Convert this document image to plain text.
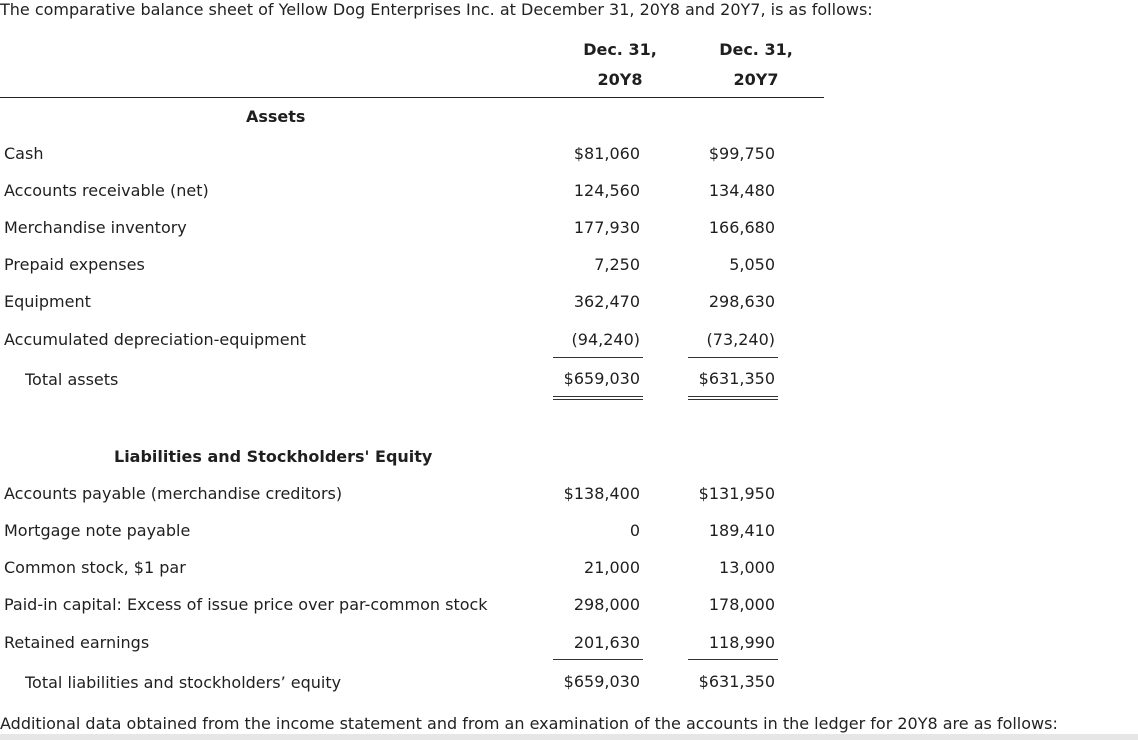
The comparative balance sheet of Yellow Dog Enterprises Inc. at December 31, 20Y8 and 20Y7, is as follows:
Dec. 31,
20Y8
Dec. 31,
20Y7
Assets
Cash	$81,060	$99,750
Accounts receivable (net)	124,560	134,480
Merchandise inventory	177,930	166,680
Prepaid expenses	7,250	5,050
Equipment	362,470	298,630
Accumulated depreciation-equipment	(94,240)	(73,240)
Total assets	$659,030	$631,350
Liabilities and Stockholders' Equity
Accounts payable (merchandise creditors)	$138,400	$131,950
Mortgage note payable	0	189,410
Common stock, $1 par	21,000	13,000
Paid-in capital: Excess of issue price over par-common stock	298,000	178,000
Retained earnings	201,630	118,990
Total liabilities and stockholders’ equity	$659,030	$631,350
Additional data obtained from the income statement and from an examination of the accounts in the ledger for 20Y8 are as follows:
